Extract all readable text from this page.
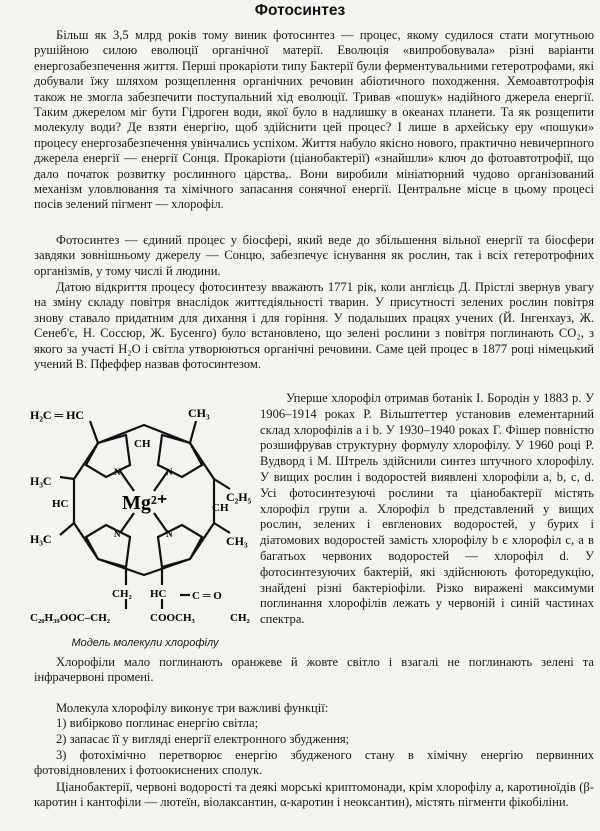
Фотосинтез

Більш як 3,5 млрд років тому виник фотосинтез — процес, якому судилося стати могутньою рушійною силою еволюції органічної матерії. Еволюція «випробовувала» різні варіанти енергозабезпечення життя. Перші прокаріоти типу Бактерії були ферментувальними гетеротрофами, які добували їжу шляхом розщеплення органічних речовин абіотичного походження. Хемоавтотрофія також не змогла забезпечити поступальний хід еволюції. Тривав «пошук» надійного джерела енергії. Таким джерелом міг бути Гідроген води, якої було в надлишку в океанах планети. Та як розщепити молекулу води? Де взяти енергію, щоб здійснити цей процес? І лише в архейську еру «пошуки» процесу енергозабезпечення увінчались успіхом. Життя набуло якісно нового, практично невичерпного джерела енергії — енергії Сонця. Прокаріоти (ціанобактерії) «знайшли» ключ до фотоавтотрофії, що дало початок розвитку рослинного царства,. Вони виробили мініатюрний чудово організований механізм уловлювання та хімічного запасання сонячної енергії. Центральне місце в цьому процесі посів зелений пігмент — хлорофіл.

Фотосинтез — єдиний процес у біосфері, який веде до збільшення вільної енергії та біосфери завдяки зовнішньому джерелу — Сонцю, забезпечує існування як рослин, так і всіх гетеротрофних організмів, у тому числі й людини.

Датою відкриття процесу фотосинтезу вважають 1771 рік, коли англієць Д. Прістлі звернув увагу на зміну складу повітря внаслідок життєдіяльності тварин. У присутності зелених рослин повітря знову ставало придатним для дихання і для горіння. У подальших працях учених (Й. Інгенхауз, Ж. Сенеб'є, Н. Соссюр, Ж. Бусенго) було встановлено, що зелені рослини з повітря поглинають CO₂, з якого за участі H₂O і світла утворюються органічні речовини. Саме цей процес в 1877 році німецький учений В. Пфеффер назвав фотосинтезом.

H₂C ═ HC	CH₃
H₃C
C₂H₅
H₃C	CH₃
CH
HC	CH
N	N
N	N
Mg²⁺
CH₂ HC C ═ O
C₂₀H₃₉OOC–CH₂	COOCH₃	CH₂
Модель молекули хлорофілу

Уперше хлорофіл отримав ботанік І. Бородін у 1883 р. У 1906–1914 роках Р. Вільштеттер установив елементарний склад хлорофілів a і b. У 1930–1940 роках Г. Фішер повністю розшифрував структурну формулу хлорофілу. У 1960 році Р. Вудворд і М. Штрель здійснили синтез штучного хлорофілу. У вищих рослин і водоростей виявлені хлорофіли a, b, c, d. Усі фотосинтезуючі рослини та ціанобактерії містять хлорофіл групи a. Хлорофіл b представлений у вищих рослин, зелених і евгленових водоростей, у бурих і діатомових водоростей замість хлорофілу b є хлорофіл c, а в багатьох червоних водоростей — хлорофіл d. У фотосинтезуючих бактерій, які здійснюють фоторедукцію, знайдені різні бактеріофіли. Різко виражені максимуми поглинання хлорофілів лежать у червоній і синій частинах спектра.

Хлорофіли мало поглинають оранжеве й жовте світло і взагалі не поглинають зелені та інфрачервоні промені.

Молекула хлорофілу виконує три важливі функції:

1) вибірково поглинає енергію світла;

2) запасає її у вигляді енергії електронного збудження;

3) фотохімічно перетворює енергію збудженого стану в хімічну енергію первинних фотовідновлених і фотоокиснених сполук.

Ціанобактерії, червоні водорості та деякі морські криптомонади, крім хлорофілу a, каротиноїдів (β-каротин і кантофіли — лютеїн, віолаксантин, α-каротин і неоксантин), містять пігменти фікобіліни.
